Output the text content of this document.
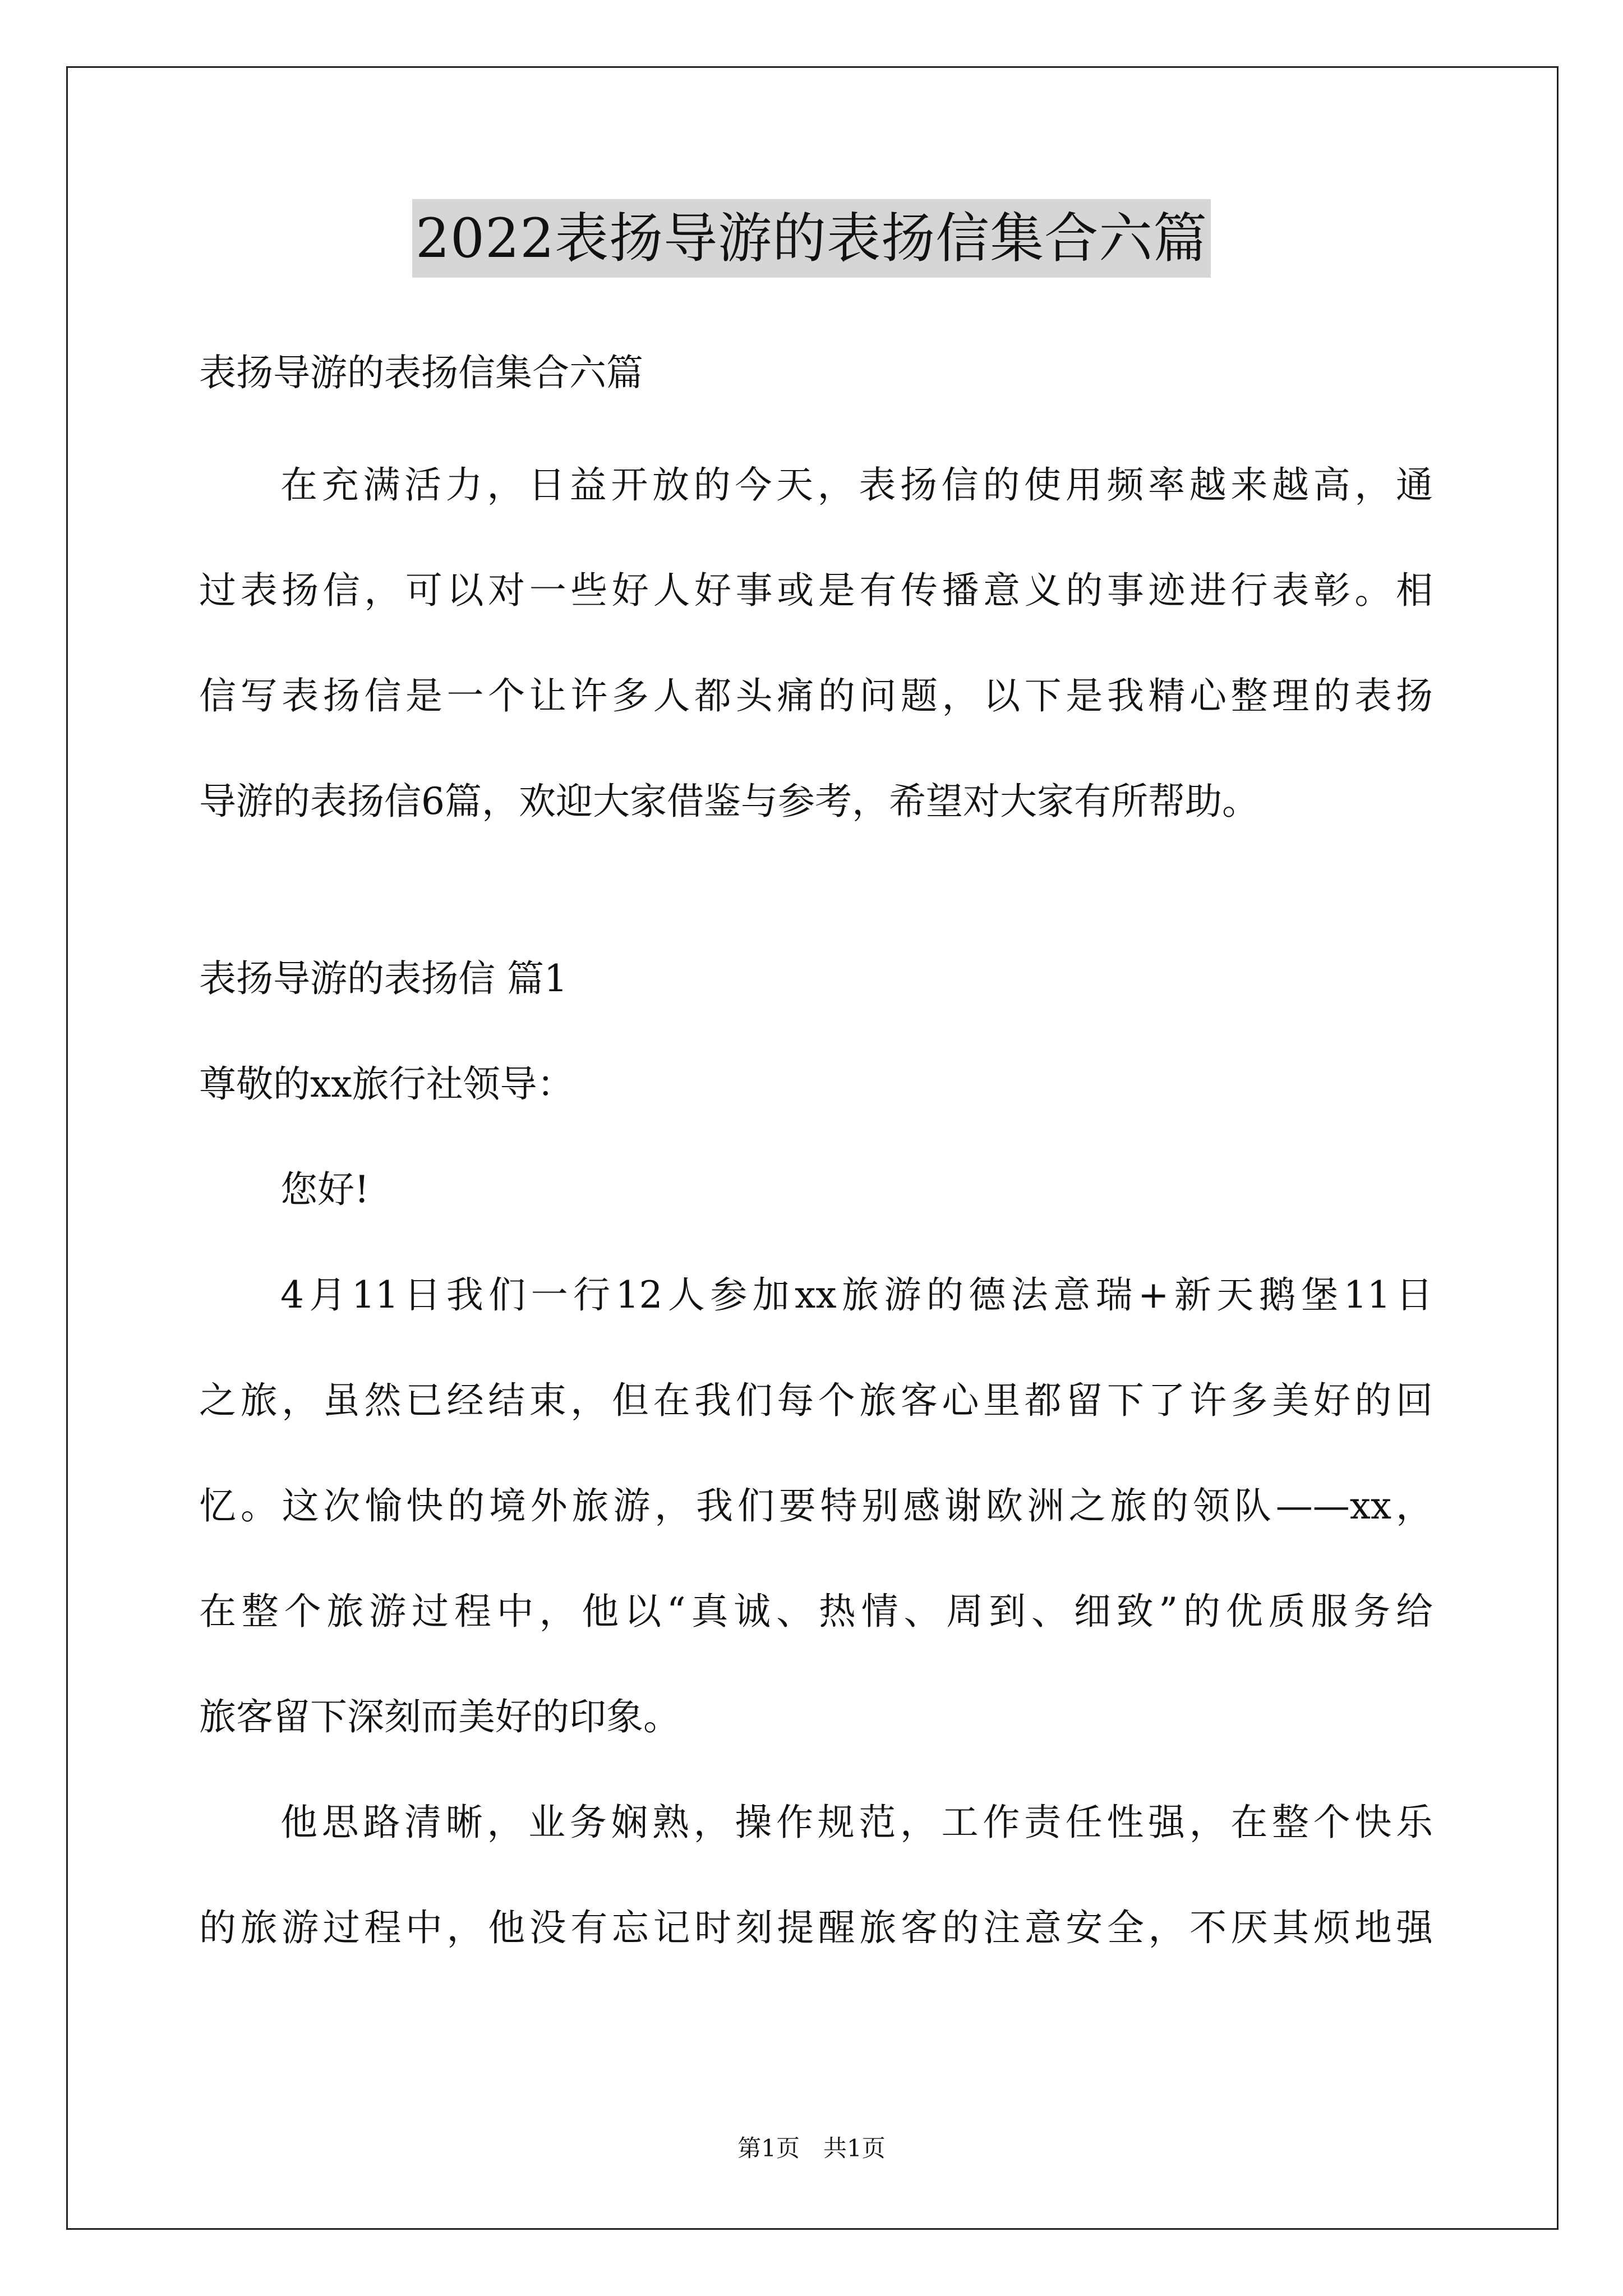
2022表扬导游的表扬信集合六篇
表扬导游的表扬信集合六篇
在充满活力，日益开放的今天，表扬信的使用频率越来越高，通
过表扬信，可以对一些好人好事或是有传播意义的事迹进行表彰。相
信写表扬信是一个让许多人都头痛的问题，以下是我精心整理的表扬
导游的表扬信6篇，欢迎大家借鉴与参考，希望对大家有所帮助。
表扬导游的表扬信 篇1
尊敬的xx旅行社领导：
您好!
4月11日我们一行12人参加xx旅游的德法意瑞+新天鹅堡11日
之旅，虽然已经结束，但在我们每个旅客心里都留下了许多美好的回
忆。这次愉快的境外旅游，我们要特别感谢欧洲之旅的领队——xx，
在整个旅游过程中，他以“真诚、热情、周到、细致”的优质服务给
旅客留下深刻而美好的印象。
他思路清晰，业务娴熟，操作规范，工作责任性强，在整个快乐
的旅游过程中，他没有忘记时刻提醒旅客的注意安全，不厌其烦地强
第1页　共1页
